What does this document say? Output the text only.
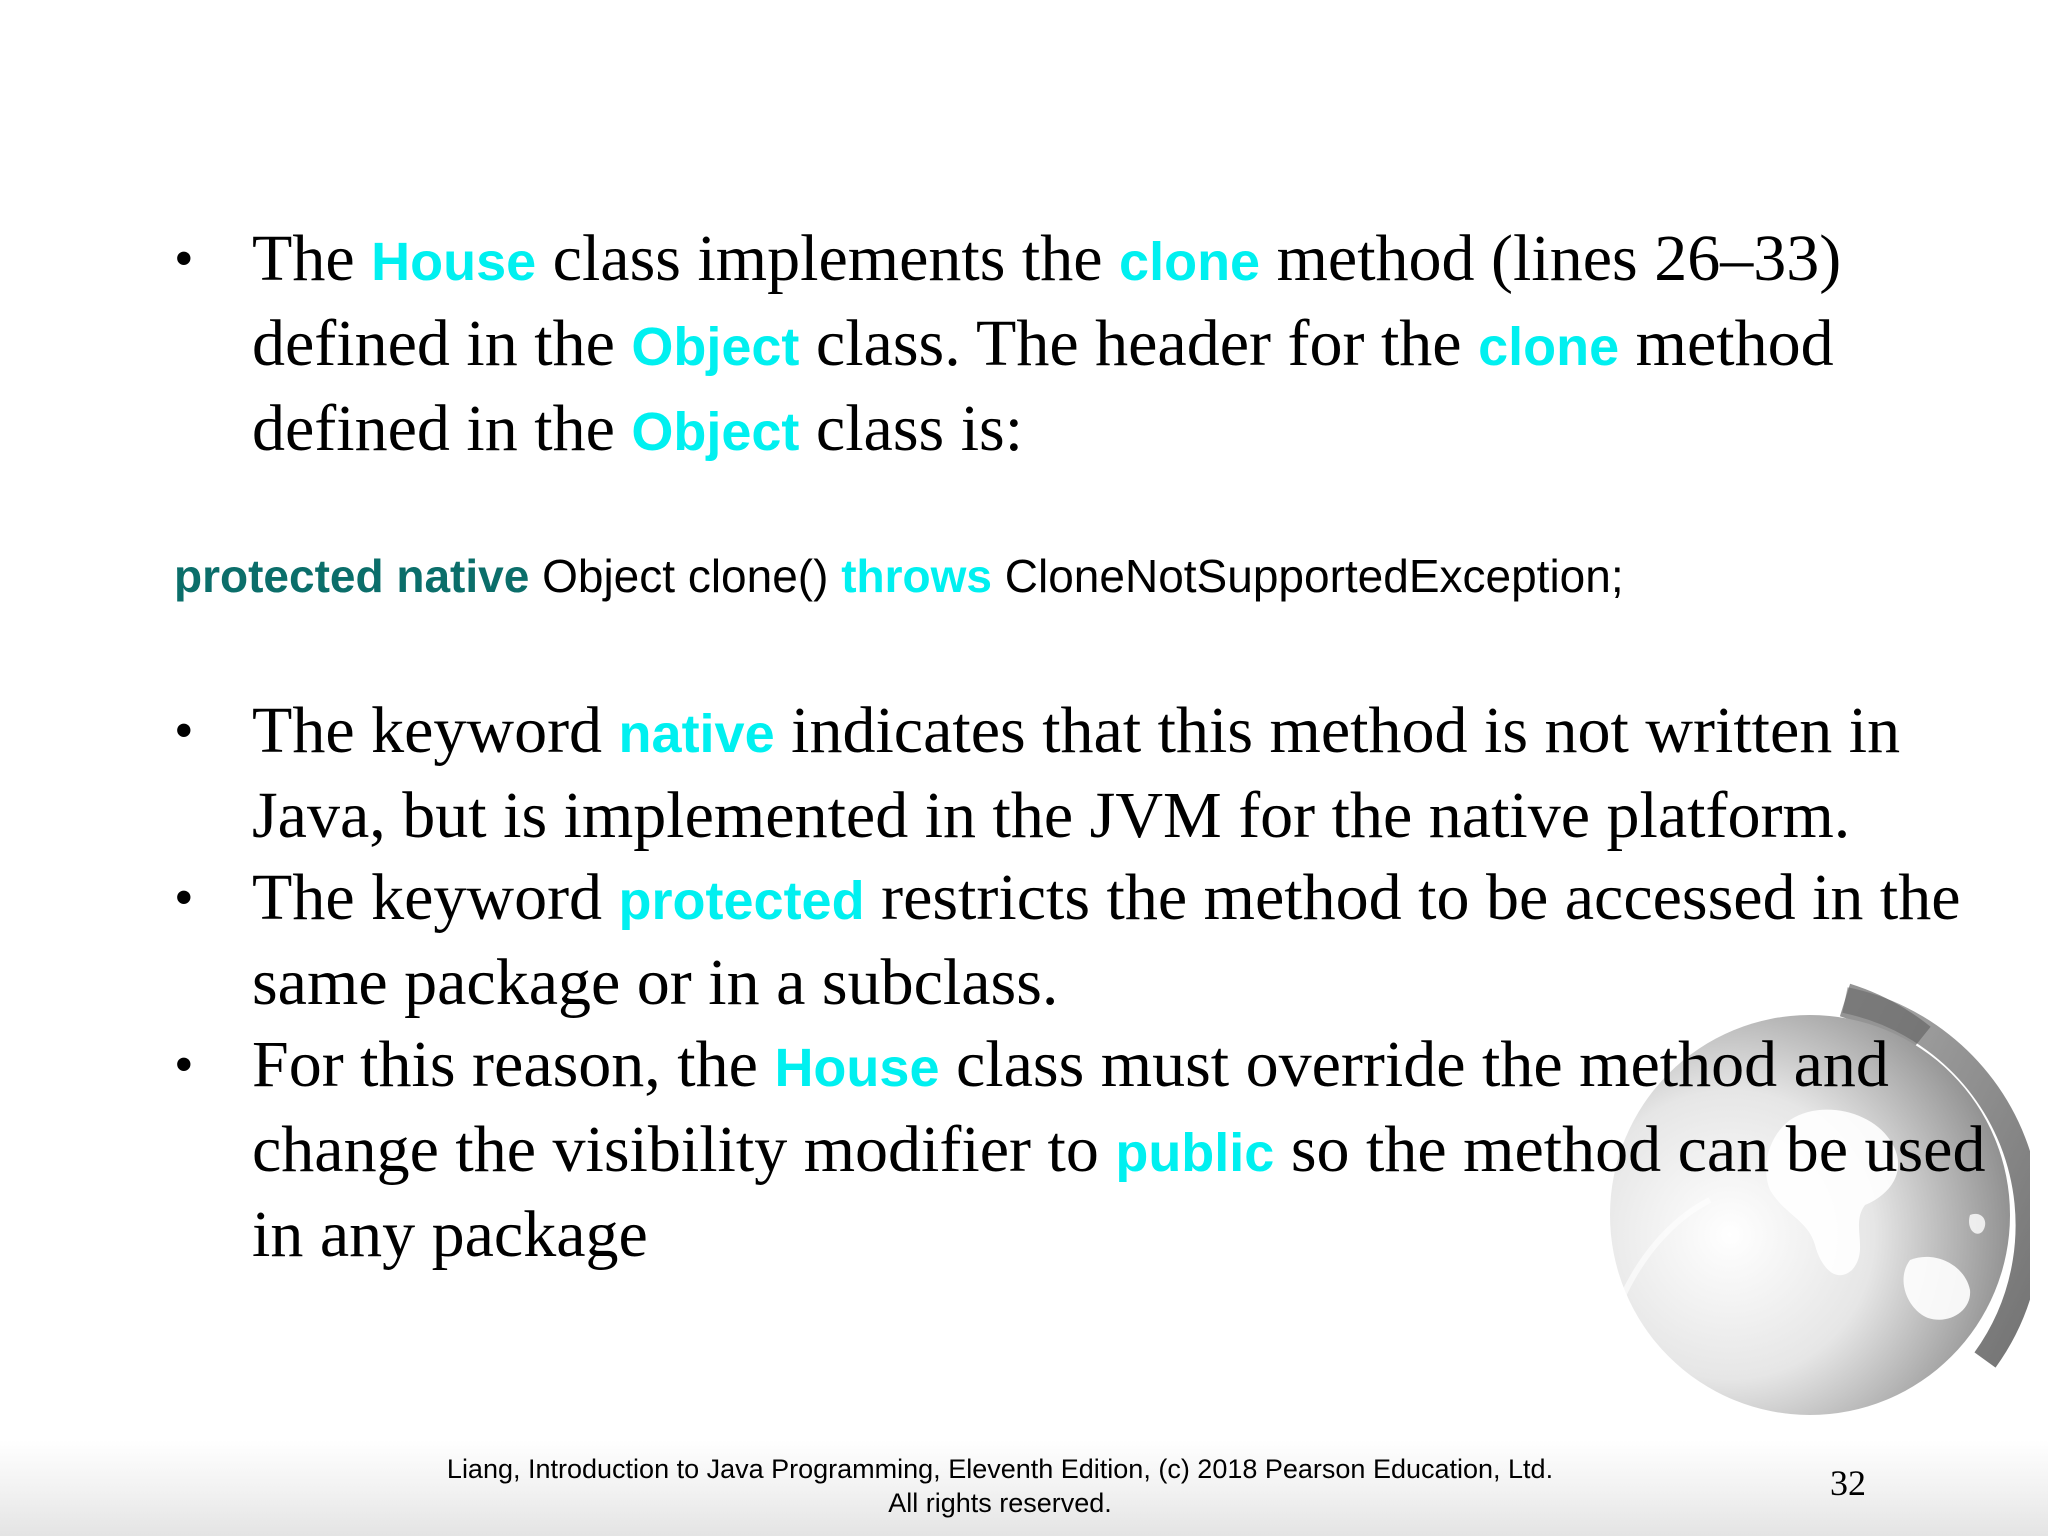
• The House class implements the clone method (lines 26–33) defined in the Object class. The header for the clone method defined in the Object class is:
protected native Object clone() throws CloneNotSupportedException;
• The keyword native indicates that this method is not written in Java, but is implemented in the JVM for the native platform.
• The keyword protected restricts the method to be accessed in the same package or in a subclass.
• For this reason, the House class must override the method and change the visibility modifier to public so the method can be used in any package
Liang, Introduction to Java Programming, Eleventh Edition, (c) 2018 Pearson Education, Ltd.
All rights reserved.	32
